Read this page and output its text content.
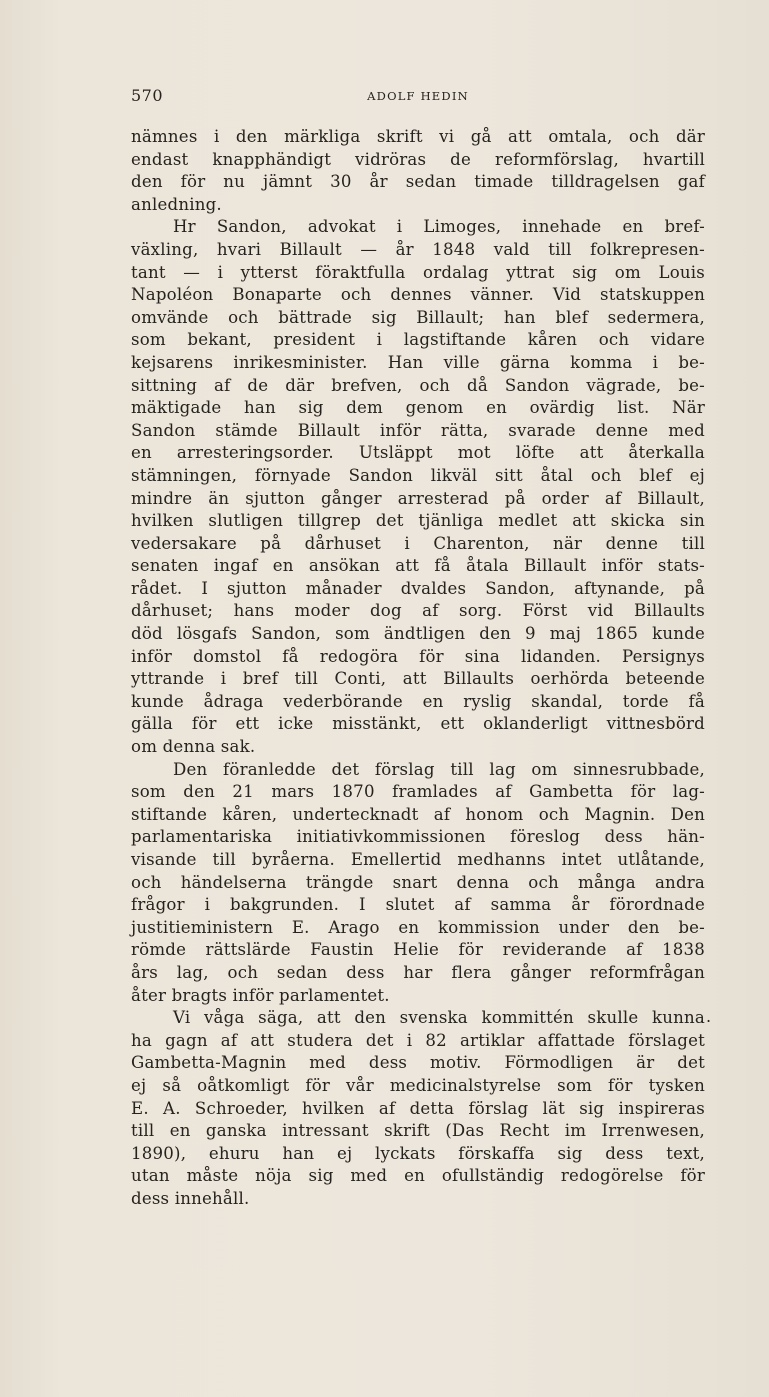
570	ADOLF HEDIN
nämnes i den märkliga skrift vi gå att omtala, och där
endast knapphändigt vidröras de reformförslag, hvartill
den för nu jämnt 30 år sedan timade tilldragelsen gaf
anledning.
Hr Sandon, advokat i Limoges, innehade en bref-
växling, hvari Billault — år 1848 vald till folkrepresen-
tant — i ytterst föraktfulla ordalag yttrat sig om Louis
Napoléon Bonaparte och dennes vänner. Vid statskuppen
omvände och bättrade sig Billault; han blef sedermera,
som bekant, president i lagstiftande kåren och vidare
kejsarens inrikesminister. Han ville gärna komma i be-
sittning af de där brefven, och då Sandon vägrade, be-
mäktigade han sig dem genom en ovärdig list. När
Sandon stämde Billault inför rätta, svarade denne med
en arresteringsorder. Utsläppt mot löfte att återkalla
stämningen, förnyade Sandon likväl sitt åtal och blef ej
mindre än sjutton gånger arresterad på order af Billault,
hvilken slutligen tillgrep det tjänliga medlet att skicka sin
vedersakare på dårhuset i Charenton, när denne till
senaten ingaf en ansökan att få åtala Billault inför stats-
rådet. I sjutton månader dvaldes Sandon, aftynande, på
dårhuset; hans moder dog af sorg. Först vid Billaults
död lösgafs Sandon, som ändtligen den 9 maj 1865 kunde
inför domstol få redogöra för sina lidanden. Persignys
yttrande i bref till Conti, att Billaults oerhörda beteende
kunde ådraga vederbörande en ryslig skandal, torde få
gälla för ett icke misstänkt, ett oklanderligt vittnesbörd
om denna sak.
Den föranledde det förslag till lag om sinnesrubbade,
som den 21 mars 1870 framlades af Gambetta för lag-
stiftande kåren, undertecknadt af honom och Magnin. Den
parlamentariska initiativkommissionen föreslog dess hän-
visande till byråerna. Emellertid medhanns intet utlåtande,
och händelserna trängde snart denna och många andra
frågor i bakgrunden. I slutet af samma år förordnade
justitieministern E. Arago en kommission under den be-
römde rättslärde Faustin Helie för reviderande af 1838
års lag, och sedan dess har flera gånger reformfrågan
åter bragts inför parlamentet.
Vi våga säga, att den svenska kommittén skulle kunna
ha gagn af att studera det i 82 artiklar affattade förslaget
Gambetta-Magnin med dess motiv. Förmodligen är det
ej så oåtkomligt för vår medicinalstyrelse som för tysken
E. A. Schroeder, hvilken af detta förslag lät sig inspireras
till en ganska intressant skrift (Das Recht im Irrenwesen,
1890), ehuru han ej lyckats förskaffa sig dess text,
utan måste nöja sig med en ofullständig redogörelse för
dess innehåll.
.
